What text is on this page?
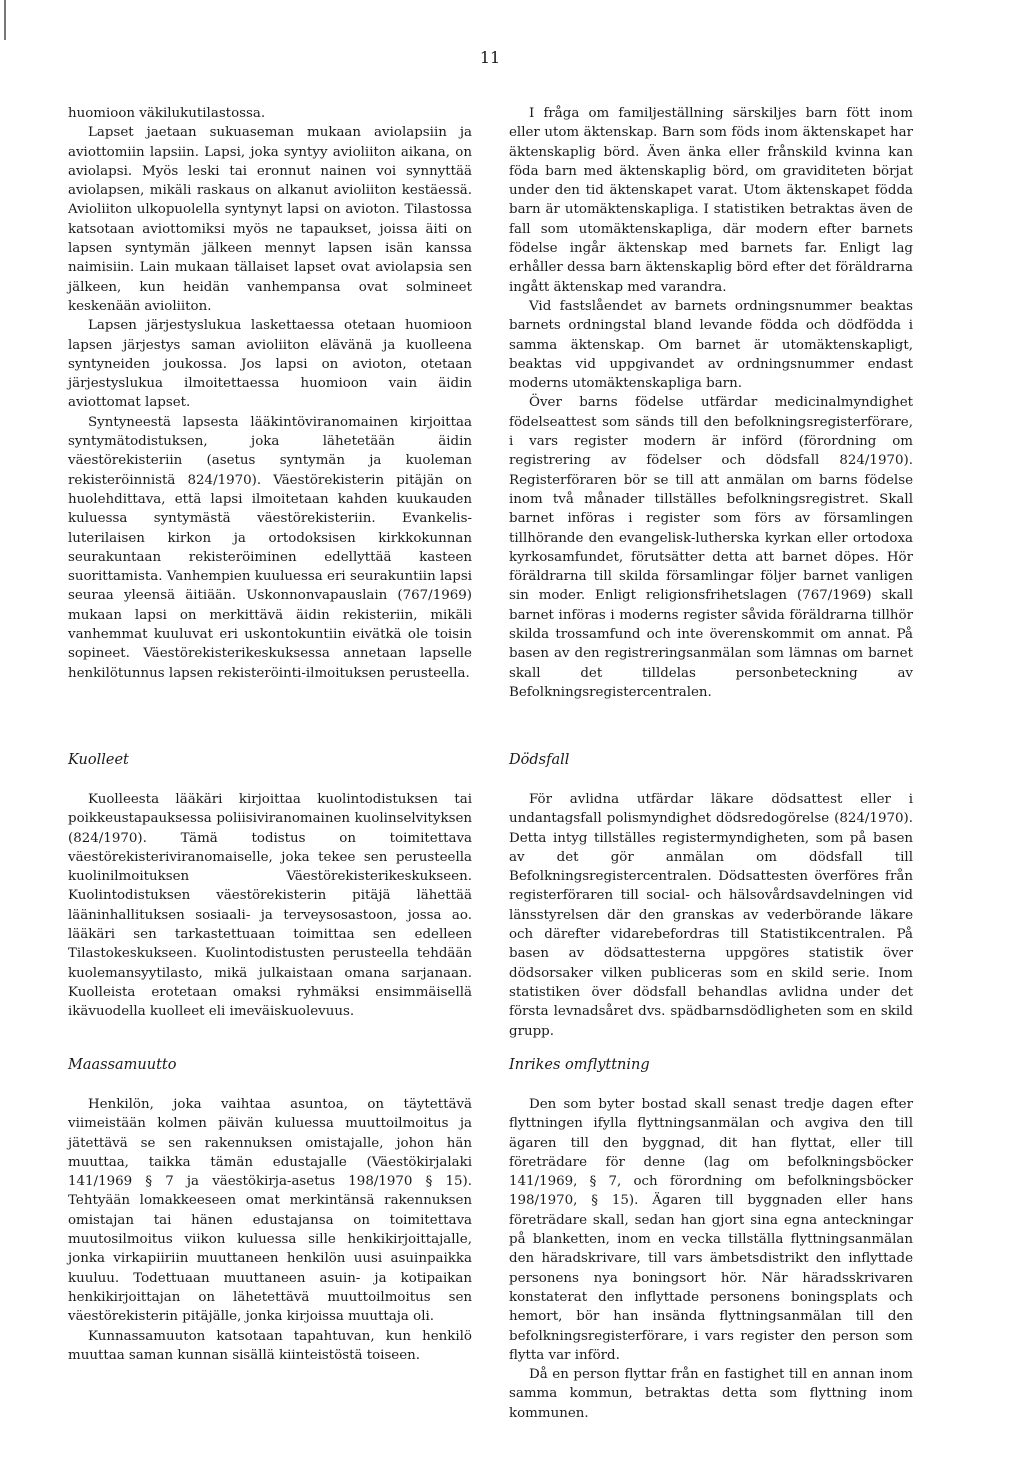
11

huomioon väkilukutilastossa.

Lapset jaetaan sukuaseman mukaan aviolapsiin ja aviottomiin lapsiin. Lapsi, joka syntyy avioliiton aikana, on aviolapsi. Myös leski tai eronnut nainen voi synnyttää aviolapsen, mikäli raskaus on alkanut avioliiton kestäessä. Avioliiton ulkopuolella syntynyt lapsi on avioton. Tilastossa katsotaan aviottomiksi myös ne tapaukset, joissa äiti on lapsen syntymän jälkeen mennyt lapsen isän kanssa naimisiin. Lain mukaan tällaiset lapset ovat aviolapsia sen jälkeen, kun heidän vanhempansa ovat solmineet keskenään avioliiton.

Lapsen järjestyslukua laskettaessa otetaan huomioon lapsen järjestys saman avioliiton elävänä ja kuolleena syntyneiden joukossa. Jos lapsi on avioton, otetaan järjestyslukua ilmoitettaessa huomioon vain äidin aviottomat lapset.

Syntyneestä lapsesta lääkintöviranomainen kirjoittaa syntymätodistuksen, joka lähetetään äidin väestörekisteriin (asetus syntymän ja kuoleman rekisteröinnistä 824/1970). Väestörekisterin pitäjän on huolehdittava, että lapsi ilmoitetaan kahden kuukauden kuluessa syntymästä väestörekisteriin. Evankelis-luterilaisen kirkon ja ortodoksisen kirkkokunnan seurakuntaan rekisteröiminen edellyttää kasteen suorittamista. Vanhempien kuuluessa eri seurakuntiin lapsi seuraa yleensä äitiään. Uskonnonvapauslain (767/1969) mukaan lapsi on merkittävä äidin rekisteriin, mikäli vanhemmat kuuluvat eri uskontokuntiin eivätkä ole toisin sopineet. Väestörekisterikeskuksessa annetaan lapselle henkilötunnus lapsen rekisteröinti-ilmoituksen perusteella.

I fråga om familjeställning särskiljes barn fött inom eller utom äktenskap. Barn som föds inom äktenskapet har äktenskaplig börd. Även änka eller frånskild kvinna kan föda barn med äktenskaplig börd, om graviditeten börjat under den tid äktenskapet varat. Utom äktenskapet födda barn är utomäktenskapliga. I statistiken betraktas även de fall som utomäktenskapliga, där modern efter barnets födelse ingår äktenskap med barnets far. Enligt lag erhåller dessa barn äktenskaplig börd efter det föräldrarna ingått äktenskap med varandra.

Vid fastslåendet av barnets ordningsnummer beaktas barnets ordningstal bland levande födda och dödfödda i samma äktenskap. Om barnet är utomäktenskapligt, beaktas vid uppgivandet av ordningsnummer endast moderns utomäktenskapliga barn.

Över barns födelse utfärdar medicinalmyndighet födelseattest som sänds till den befolkningsregisterförare, i vars register modern är införd (förordning om registrering av födelser och dödsfall 824/1970). Registerföraren bör se till att anmälan om barns födelse inom två månader tillställes befolkningsregistret. Skall barnet införas i register som förs av församlingen tillhörande den evangelisk-lutherska kyrkan eller ortodoxa kyrkosamfundet, förutsätter detta att barnet döpes. Hör föräldrarna till skilda församlingar följer barnet vanligen sin moder. Enligt religionsfrihetslagen (767/1969) skall barnet införas i moderns register såvida föräldrarna tillhör skilda trossamfund och inte överenskommit om annat. På basen av den registreringsanmälan som lämnas om barnet skall det tilldelas personbeteckning av Befolkningsregistercentralen.

Kuolleet	Dödsfall

Kuolleesta lääkäri kirjoittaa kuolintodistuksen tai poikkeustapauksessa poliisiviranomainen kuolinselvityksen (824/1970). Tämä todistus on toimitettava väestörekisteriviranomaiselle, joka tekee sen perusteella kuolinilmoituksen Väestörekisterikeskukseen. Kuolintodistuksen väestörekisterin pitäjä lähettää lääninhallituksen sosiaali- ja terveysosastoon, jossa ao. lääkäri sen tarkastettuaan toimittaa sen edelleen Tilastokeskukseen. Kuolintodistusten perusteella tehdään kuolemansyytilasto, mikä julkaistaan omana sarjanaan. Kuolleista erotetaan omaksi ryhmäksi ensimmäisellä ikävuodella kuolleet eli imeväiskuolevuus.

För avlidna utfärdar läkare dödsattest eller i undantagsfall polismyndighet dödsredogörelse (824/1970). Detta intyg tillställes registermyndigheten, som på basen av det gör anmälan om dödsfall till Befolkningsregistercentralen. Dödsattesten överföres från registerföraren till social- och hälsovårdsavdelningen vid länsstyrelsen där den granskas av vederbörande läkare och därefter vidarebefordras till Statistikcentralen. På basen av dödsattesterna uppgöres statistik över dödsorsaker vilken publiceras som en skild serie. Inom statistiken över dödsfall behandlas avlidna under det första levnadsåret dvs. spädbarnsdödligheten som en skild grupp.

Maassamuutto	Inrikes omflyttning

Henkilön, joka vaihtaa asuntoa, on täytettävä viimeistään kolmen päivän kuluessa muuttoilmoitus ja jätettävä se sen rakennuksen omistajalle, johon hän muuttaa, taikka tämän edustajalle (Väestökirjalaki 141/1969 § 7 ja väestökirja-asetus 198/1970 § 15). Tehtyään lomakkeeseen omat merkintänsä rakennuksen omistajan tai hänen edustajansa on toimitettava muutosilmoitus viikon kuluessa sille henkikirjoittajalle, jonka virkapiiriin muuttaneen henkilön uusi asuinpaikka kuuluu. Todettuaan muuttaneen asuin- ja kotipaikan henkikirjoittajan on lähetettävä muuttoilmoitus sen väestörekisterin pitäjälle, jonka kirjoissa muuttaja oli.

Kunnassamuuton katsotaan tapahtuvan, kun henkilö muuttaa saman kunnan sisällä kiinteistöstä toiseen.

Den som byter bostad skall senast tredje dagen efter flyttningen ifylla flyttningsanmälan och avgiva den till ägaren till den byggnad, dit han flyttat, eller till företrädare för denne (lag om befolkningsböcker 141/1969, § 7, och förordning om befolkningsböcker 198/1970, § 15). Ägaren till byggnaden eller hans företrädare skall, sedan han gjort sina egna anteckningar på blanketten, inom en vecka tillställa flyttningsanmälan den häradskrivare, till vars ämbetsdistrikt den inflyttade personens nya boningsort hör. När häradsskrivaren konstaterat den inflyttade personens boningsplats och hemort, bör han insända flyttningsanmälan till den befolkningsregisterförare, i vars register den person som flytta var införd.

Då en person flyttar från en fastighet till en annan inom samma kommun, betraktas detta som flyttning inom kommunen.
